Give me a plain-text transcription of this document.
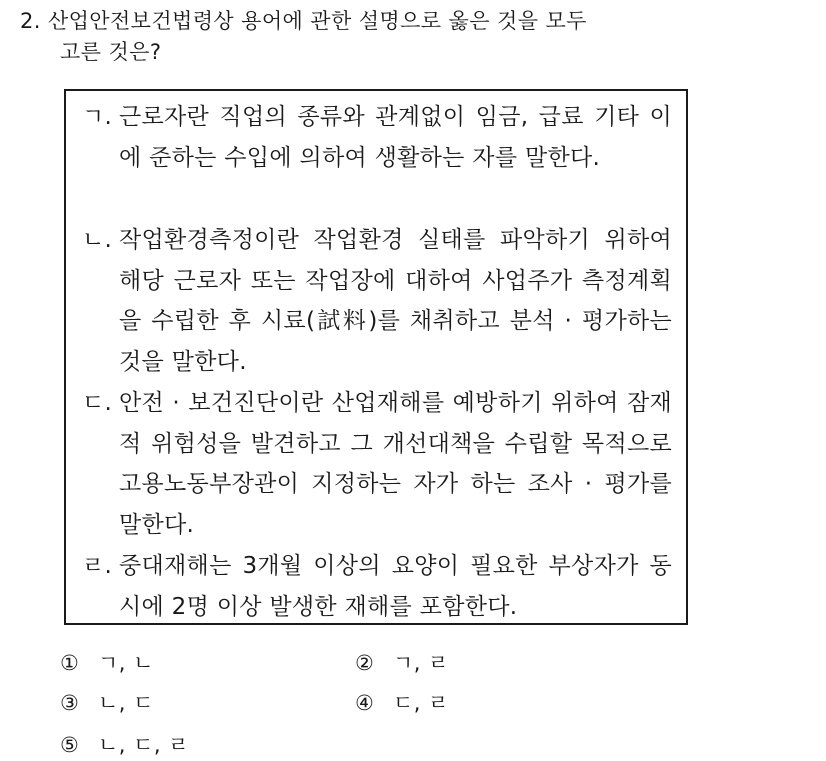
2. 산업안전보건법령상 용어에 관한 설명으로 옳은 것을 모두
고른 것은?
ㄱ. 근로자란 직업의 종류와 관계없이 임금, 급료 기타 이에 준하는 수입에 의하여 생활하는 자를 말한다.
ㄴ. 작업환경측정이란 작업환경 실태를 파악하기 위하여 해당 근로자 또는 작업장에 대하여 사업주가 측정계획을 수립한 후 시료(試料)를 채취하고 분석 · 평가하는 것을 말한다.
ㄷ. 안전 · 보건진단이란 산업재해를 예방하기 위하여 잠재적 위험성을 발견하고 그 개선대책을 수립할 목적으로 고용노동부장관이 지정하는 자가 하는 조사 · 평가를 말한다.
ㄹ. 중대재해는 3개월 이상의 요양이 필요한 부상자가 동시에 2명 이상 발생한 재해를 포함한다.
① ㄱ, ㄴ	② ㄱ, ㄹ
③ ㄴ, ㄷ	④ ㄷ, ㄹ
⑤ ㄴ, ㄷ, ㄹ
